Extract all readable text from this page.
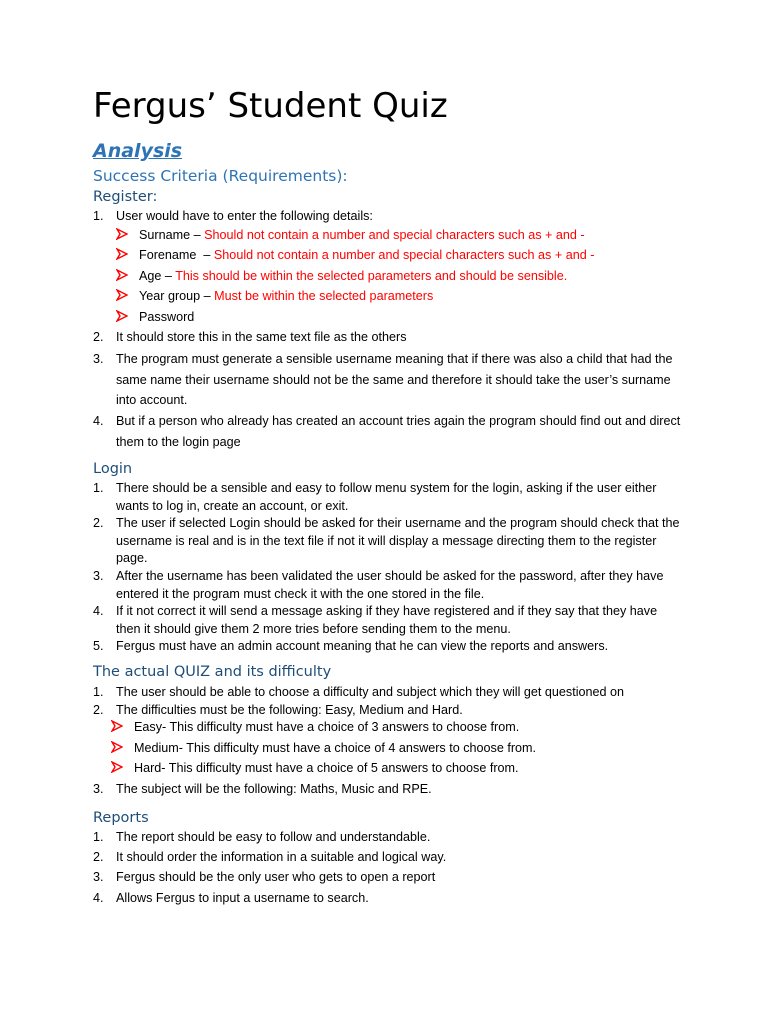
Fergus’ Student Quiz
Analysis
Success Criteria (Requirements):
Register:
1. User would have to enter the following details:
Surname – Should not contain a number and special characters such as + and -
Forename  – Should not contain a number and special characters such as + and -
Age – This should be within the selected parameters and should be sensible.
Year group – Must be within the selected parameters
Password
2. It should store this in the same text file as the others
3. The program must generate a sensible username meaning that if there was also a child that had the same name their username should not be the same and therefore it should take the user’s surname into account.
4. But if a person who already has created an account tries again the program should find out and direct them to the login page
Login
1. There should be a sensible and easy to follow menu system for the login, asking if the user either wants to log in, create an account, or exit.
2. The user if selected Login should be asked for their username and the program should check that the username is real and is in the text file if not it will display a message directing them to the register page.
3. After the username has been validated the user should be asked for the password, after they have entered it the program must check it with the one stored in the file.
4. If it not correct it will send a message asking if they have registered and if they say that they have then it should give them 2 more tries before sending them to the menu.
5. Fergus must have an admin account meaning that he can view the reports and answers.
The actual QUIZ and its difficulty
1. The user should be able to choose a difficulty and subject which they will get questioned on
2. The difficulties must be the following: Easy, Medium and Hard.
Easy- This difficulty must have a choice of 3 answers to choose from.
Medium- This difficulty must have a choice of 4 answers to choose from.
Hard- This difficulty must have a choice of 5 answers to choose from.
3. The subject will be the following: Maths, Music and RPE.
Reports
1. The report should be easy to follow and understandable.
2. It should order the information in a suitable and logical way.
3. Fergus should be the only user who gets to open a report
4. Allows Fergus to input a username to search.
